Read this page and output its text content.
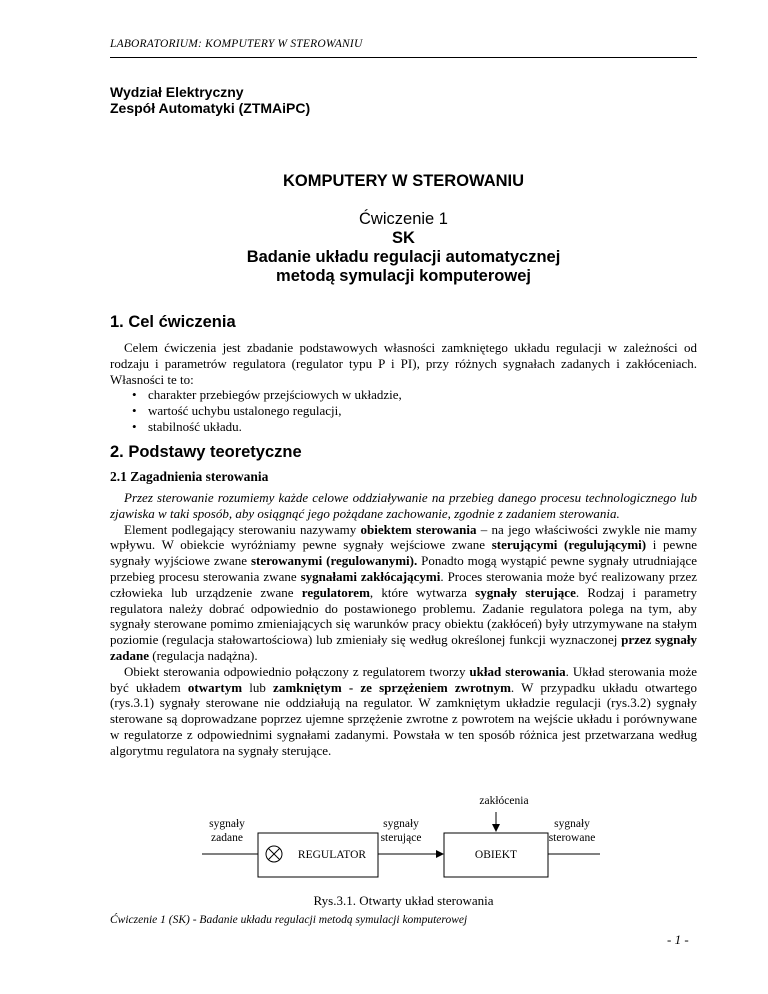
LABORATORIUM: KOMPUTERY W STEROWANIU
Wydział Elektryczny
Zespół Automatyki (ZTMAiPC)
KOMPUTERY W STEROWANIU
Ćwiczenie 1
SK
Badanie układu regulacji automatycznej
metodą symulacji komputerowej
1. Cel ćwiczenia

Celem ćwiczenia jest zbadanie podstawowych własności zamkniętego układu regulacji w zależności od rodzaju i parametrów regulatora (regulator typu P i PI), przy różnych sygnałach zadanych i zakłóceniach. Własności te to:

• charakter przebiegów przejściowych w układzie,
• wartość uchybu ustalonego regulacji,
• stabilność układu.
2. Podstawy teoretyczne
2.1 Zagadnienia sterowania

Przez sterowanie rozumiemy każde celowe oddziaływanie na przebieg danego procesu technologicznego lub zjawiska w taki sposób, aby osiągnąć jego pożądane zachowanie, zgodnie z zadaniem sterowania.

Element podlegający sterowaniu nazywamy obiektem sterowania – na jego właściwości zwykle nie mamy wpływu. W obiekcie wyróżniamy pewne sygnały wejściowe zwane sterującymi (regulującymi) i pewne sygnały wyjściowe zwane sterowanymi (regulowanymi). Ponadto mogą wystąpić pewne sygnały utrudniające przebieg procesu sterowania zwane sygnałami zakłócającymi. Proces sterowania może być realizowany przez człowieka lub urządzenie zwane regulatorem, które wytwarza sygnały sterujące. Rodzaj i parametry regulatora należy dobrać odpowiednio do postawionego problemu. Zadanie regulatora polega na tym, aby sygnały sterowane pomimo zmieniających się warunków pracy obiektu (zakłóceń) były utrzymywane na stałym poziomie (regulacja stałowartościowa) lub zmieniały się według określonej funkcji wyznaczonej przez sygnały zadane (regulacja nadążna).

Obiekt sterowania odpowiednio połączony z regulatorem tworzy układ sterowania. Układ sterowania może być układem otwartym lub zamkniętym - ze sprzężeniem zwrotnym. W przypadku układu otwartego (rys.3.1) sygnały sterowane nie oddziałują na regulator. W zamkniętym układzie regulacji (rys.3.2) sygnały sterowane są doprowadzane poprzez ujemne sprzężenie zwrotne z powrotem na wejście układu i porównywane w regulatorze z odpowiednimi sygnałami zadanymi. Powstała w ten sposób różnica jest przetwarzana według algorytmu regulatora na sygnały sterujące.

zakłócenia
sygnały
zadane
sygnały
sterujące
sygnały
sterowane
REGULATOR	OBIEKT
Rys.3.1. Otwarty układ sterowania
Ćwiczenie 1 (SK) - Badanie układu regulacji metodą symulacji komputerowej
- 1 -
